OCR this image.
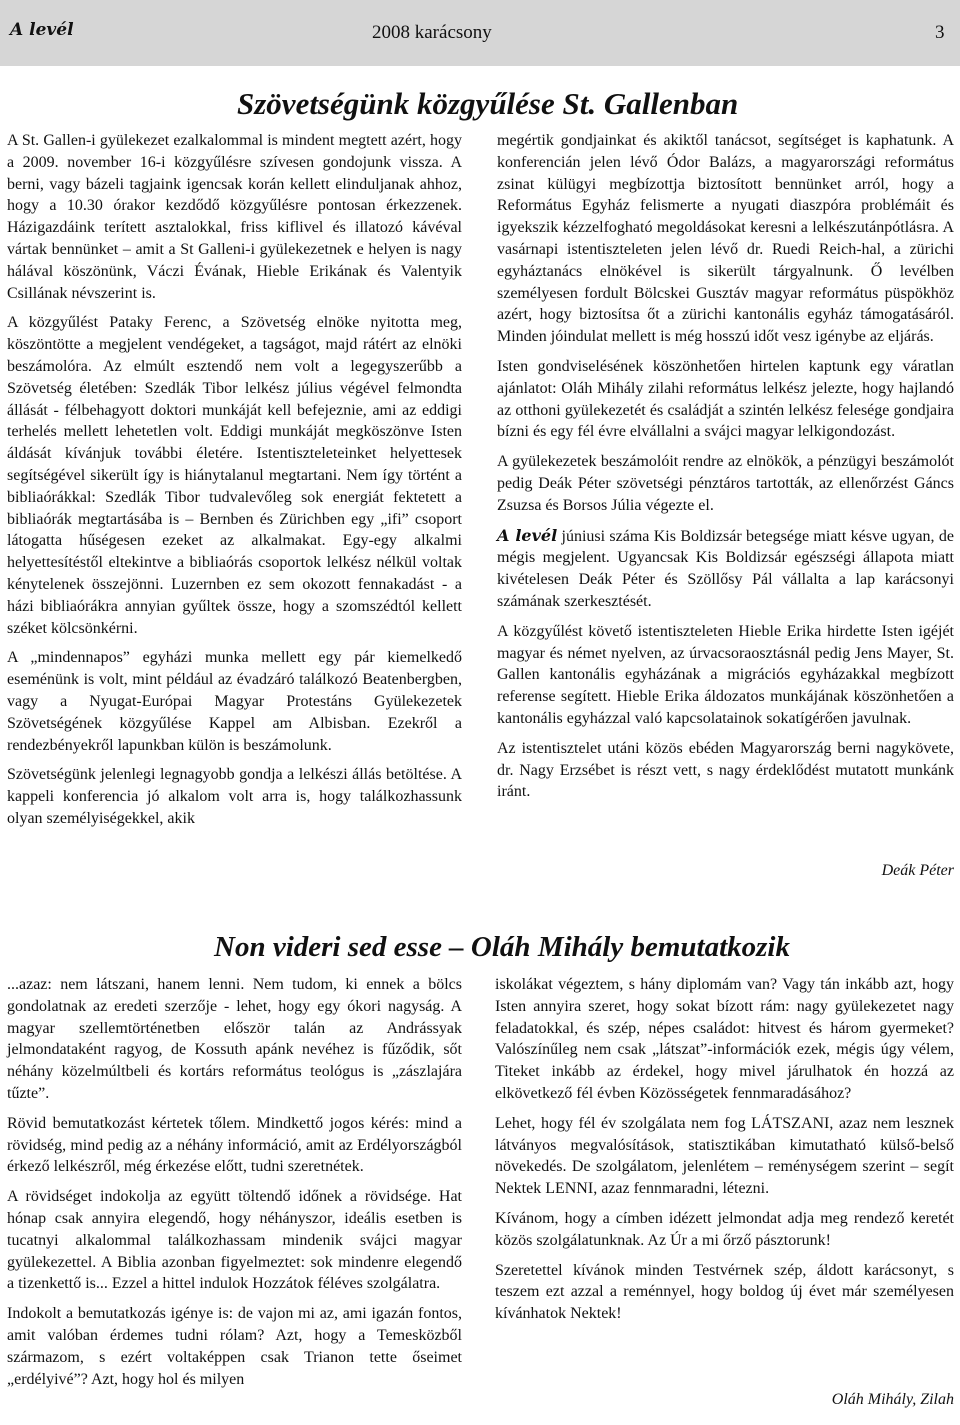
A levél	2008 karácsony	3
Szövetségünk közgyűlése St. Gallenban

A St. Gallen-i gyülekezet ezalkalommal is mindent megtett azért, hogy a 2009. november 16-i közgyűlésre szívesen gondojunk vissza. A berni, vagy bázeli tagjaink igencsak korán kellett elinduljanak ahhoz, hogy a 10.30 órakor kezdődő közgyűlésre pontosan érkezzenek. Házigazdáink terített asztalokkal, friss kiflivel és illatozó kávéval vártak bennünket – amit a St Galleni-i gyülekezetnek e helyen is nagy hálával köszönünk, Váczi Évának, Hieble Erikának és Valentyik Csillának névszerint is.

A közgyűlést Pataky Ferenc, a Szövetség elnöke nyitotta meg, köszöntötte a megjelent vendégeket, a tagságot, majd rátért az elnöki beszámolóra. Az elmúlt esztendő nem volt a legegyszerűbb a Szövetség életében: Szedlák Tibor lelkész július végével felmondta állását - félbehagyott doktori munkáját kell befejeznie, ami az eddigi terhelés mellett lehetetlen volt. Eddigi munkáját megköszönve Isten áldását kívánjuk további életére. Istentiszteleteinket helyettesek segítségével sikerült így is hiánytalanul megtartani. Nem így történt a bibliaórákkal: Szedlák Tibor tudvalevőleg sok energiát fektetett a bibliaórák megtartásába is – Bernben és Zürichben egy „ifi” csoport látogatta hűségesen ezeket az alkalmakat. Egy-egy alkalmi helyettesítéstől eltekintve a bibliaórás csoportok lelkész nélkül voltak kénytelenek összejönni. Luzernben ez sem okozott fennakadást - a házi bibliaórákra annyian gyűltek össze, hogy a szomszédtól kellett széket kölcsönkérni.

A „mindennapos” egyházi munka mellett egy pár kiemelkedő eseménünk is volt, mint például az évadzáró találkozó Beatenbergben, vagy a Nyugat-Európai Magyar Protestáns Gyülekezetek Szövetségének közgyűlése Kappel am Albisban. Ezekről a rendezbényekről lapunkban külön is beszámolunk.

Szövetségünk jelenlegi legnagyobb gondja a lelkészi állás betöltése. A kappeli konferencia jó alkalom volt arra is, hogy találkozhassunk olyan személyiségekkel, akik

megértik gondjainkat és akiktől tanácsot, segítséget is kaphatunk. A konferencián jelen lévő Ódor Balázs, a magyarországi református zsinat külügyi megbízottja biztosított bennünket arról, hogy a Református Egyház felismerte a nyugati diaszpóra problémáit és igyekszik kézzelfogható megoldásokat keresni a lelkészutánpótlásra. A vasárnapi istentiszteleten jelen lévő dr. Ruedi Reich-hal, a zürichi egyháztanács elnökével is sikerült tárgyalnunk. Ő levélben személyesen fordult Bölcskei Gusztáv magyar református püspökhöz azért, hogy biztosítsa őt a zürichi kantonális egyház támogatásáról. Minden jóindulat mellett is még hosszú időt vesz igénybe az eljárás.

Isten gondviselésének köszönhetően hirtelen kaptunk egy váratlan ajánlatot: Oláh Mihály zilahi református lelkész jelezte, hogy hajlandó az otthoni gyülekezetét és családját a szintén lelkész felesége gondjaira bízni és egy fél évre elvállalni a svájci magyar lelkigondozást.

A gyülekezetek beszámolóit rendre az elnökök, a pénzügyi beszámolót pedig Deák Péter szövetségi pénztáros tartották, az ellenőrzést Gáncs Zsuzsa és Borsos Júlia végezte el.

A levél júniusi száma Kis Boldizsár betegsége miatt késve ugyan, de mégis megjelent. Ugyancsak Kis Boldizsár egészségi állapota miatt kivételesen Deák Péter és Szöllősy Pál vállalta a lap karácsonyi számának szerkesztését.

A közgyűlést követő istentiszteleten Hieble Erika hirdette Isten igéjét magyar és német nyelven, az úrvacsoraosztásnál pedig Jens Mayer, St. Gallen kantonális egyházának a migrációs egyházakkal megbízott referense segített. Hieble Erika áldozatos munkájának köszönhetően a kantonális egyházzal való kapcsolatainok sokatígérően javulnak.

Az istentisztelet utáni közös ebéden Magyarország berni nagykövete, dr. Nagy Erzsébet is részt vett, s nagy érdeklődést mutatott munkánk iránt.

Deák Péter
Non videri sed esse – Oláh Mihály bemutatkozik

...azaz: nem látszani, hanem lenni. Nem tudom, ki ennek a bölcs gondolatnak az eredeti szerzője - lehet, hogy egy ókori nagyság. A magyar szellemtörténetben először talán az Andrássyak jelmondataként ragyog, de Kossuth apánk nevéhez is fűződik, sőt néhány közelmúltbeli és kortárs református teológus is „zászlajára tűzte”.

Rövid bemutatkozást kértetek tőlem. Mindkettő jogos kérés: mind a rövidség, mind pedig az a néhány információ, amit az Erdélyországból érkező lelkészről, még érkezése előtt, tudni szeretnétek.

A rövidséget indokolja az együtt töltendő időnek a rövidsége. Hat hónap csak annyira elegendő, hogy néhányszor, ideális esetben is tucatnyi alkalommal találkozhassam mindenik svájci magyar gyülekezettel. A Biblia azonban figyelmeztet: sok mindenre elegendő a tizenkettő is... Ezzel a hittel indulok Hozzátok féléves szolgálatra.

Indokolt a bemutatkozás igénye is: de vajon mi az, ami igazán fontos, amit valóban érdemes tudni rólam? Azt, hogy a Temesközből származom, s ezért voltaképpen csak Trianon tette őseimet „erdélyivé”? Azt, hogy hol és milyen

iskolákat végeztem, s hány diplomám van? Vagy tán inkább azt, hogy Isten annyira szeret, hogy sokat bízott rám: nagy gyülekezetet nagy feladatokkal, és szép, népes családot: hitvest és három gyermeket? Valószínűleg nem csak „látszat”-információk ezek, mégis úgy vélem, Titeket inkább az érdekel, hogy mivel járulhatok én hozzá az elkövetkező fél évben Közösségetek fennmaradásához?

Lehet, hogy fél év szolgálata nem fog LÁTSZANI, azaz nem lesznek látványos megvalósítások, statisztikában kimutatható külső-belső növekedés. De szolgálatom, jelenlétem – reménységem szerint – segít Nektek LENNI, azaz fennmaradni, létezni.

Kívánom, hogy a címben idézett jelmondat adja meg rendező keretét közös szolgálatunknak. Az Úr a mi őrző pásztorunk!

Szeretettel kívánok minden Testvérnek szép, áldott karácsonyt, s teszem ezt azzal a reménnyel, hogy boldog új évet már személyesen kívánhatok Nektek!

Oláh Mihály, Zilah
